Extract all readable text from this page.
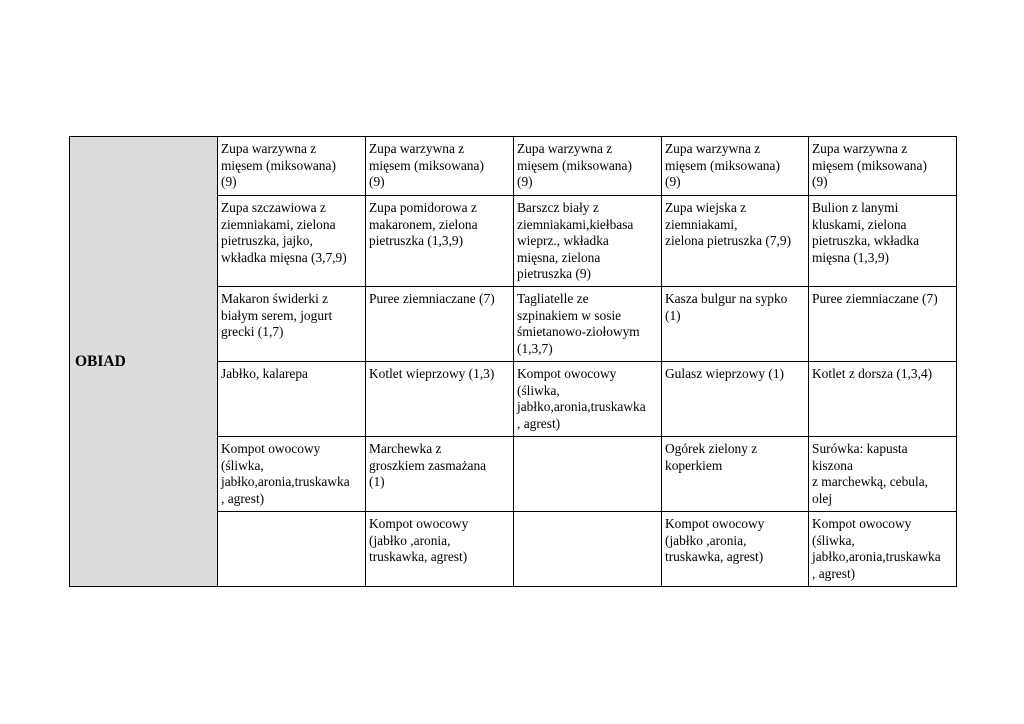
OBIAD	Zupa warzywna z
mięsem (miksowana)
(9)	Zupa warzywna z
mięsem (miksowana)
(9)	Zupa warzywna z
mięsem (miksowana)
(9)	Zupa warzywna z
mięsem (miksowana)
(9)	Zupa warzywna z
mięsem (miksowana)
(9)
	Zupa szczawiowa z
ziemniakami, zielona
pietruszka, jajko,
wkładka mięsna (3,7,9)	Zupa pomidorowa z
makaronem, zielona
pietruszka (1,3,9)	Barszcz biały z
ziemniakami,kiełbasa
wieprz., wkładka
mięsna, zielona
pietruszka (9)	Zupa wiejska z
ziemniakami,
zielona pietruszka (7,9)	Bulion z lanymi
kluskami, zielona
pietruszka, wkładka
mięsna (1,3,9)
	Makaron świderki z
białym serem, jogurt
grecki (1,7)	Puree ziemniaczane (7)	Tagliatelle ze
szpinakiem w sosie
śmietanowo-ziołowym
(1,3,7)	Kasza bulgur na sypko
(1)	Puree ziemniaczane (7)
	Jabłko, kalarepa	Kotlet wieprzowy (1,3)	Kompot owocowy
(śliwka,
jabłko,aronia,truskawka
, agrest)	Gulasz wieprzowy (1)	Kotlet z dorsza (1,3,4)
	Kompot owocowy
(śliwka,
jabłko,aronia,truskawka
, agrest)	Marchewka z
groszkiem zasmażana
(1)		Ogórek zielony z
koperkiem	Surówka: kapusta
kiszona
z marchewką, cebula,
olej
		Kompot owocowy
(jabłko ,aronia,
truskawka, agrest)		Kompot owocowy
(jabłko ,aronia,
truskawka, agrest)	Kompot owocowy
(śliwka,
jabłko,aronia,truskawka
, agrest)
